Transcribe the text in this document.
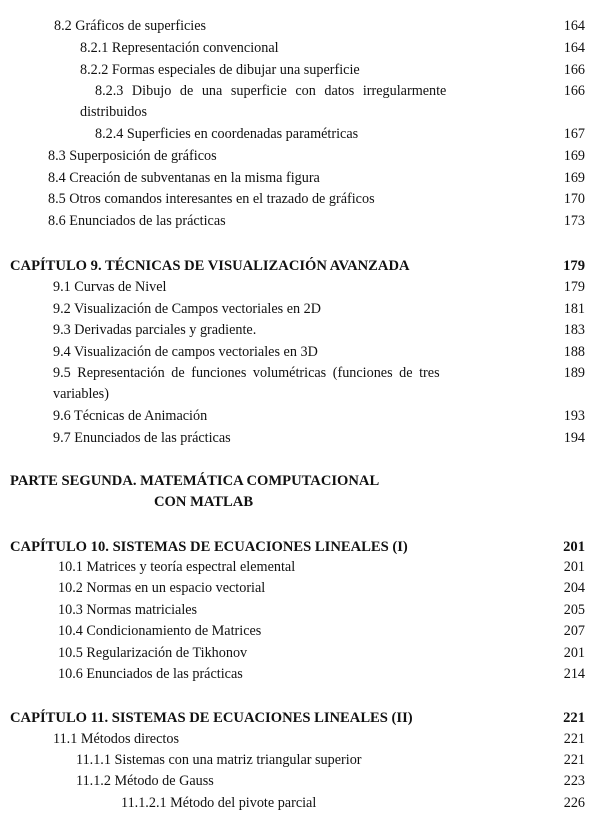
8.2 Gráficos de superficies	164
8.2.1 Representación convencional	164
8.2.2 Formas especiales de dibujar una superficie	166
8.2.3 Dibujo de una superficie con datos irregularmente	166
distribuidos
8.2.4 Superficies en coordenadas paramétricas	167
8.3 Superposición de gráficos	169
8.4 Creación de subventanas en la misma figura	169
8.5 Otros comandos interesantes en el trazado de gráficos	170
8.6 Enunciados de las prácticas	173
CAPÍTULO 9. TÉCNICAS DE VISUALIZACIÓN AVANZADA	179
9.1 Curvas de Nivel	179
9.2 Visualización de Campos vectoriales en 2D	181
9.3 Derivadas parciales y gradiente.	183
9.4 Visualización de campos vectoriales en 3D	188
9.5 Representación de funciones volumétricas (funciones de tres	189
variables)
9.6 Técnicas de Animación	193
9.7 Enunciados de las prácticas	194
PARTE SEGUNDA. MATEMÁTICA COMPUTACIONAL
CON MATLAB
CAPÍTULO 10. SISTEMAS DE ECUACIONES LINEALES (I)	201
10.1 Matrices y teoría espectral elemental	201
10.2 Normas en un espacio vectorial	204
10.3 Normas matriciales	205
10.4 Condicionamiento de Matrices	207
10.5 Regularización de Tikhonov	201
10.6 Enunciados de las prácticas	214
CAPÍTULO 11. SISTEMAS DE ECUACIONES LINEALES (II)	221
11.1 Métodos directos	221
11.1.1 Sistemas con una matriz triangular superior	221
11.1.2 Método de Gauss	223
11.1.2.1 Método del pivote parcial	226
